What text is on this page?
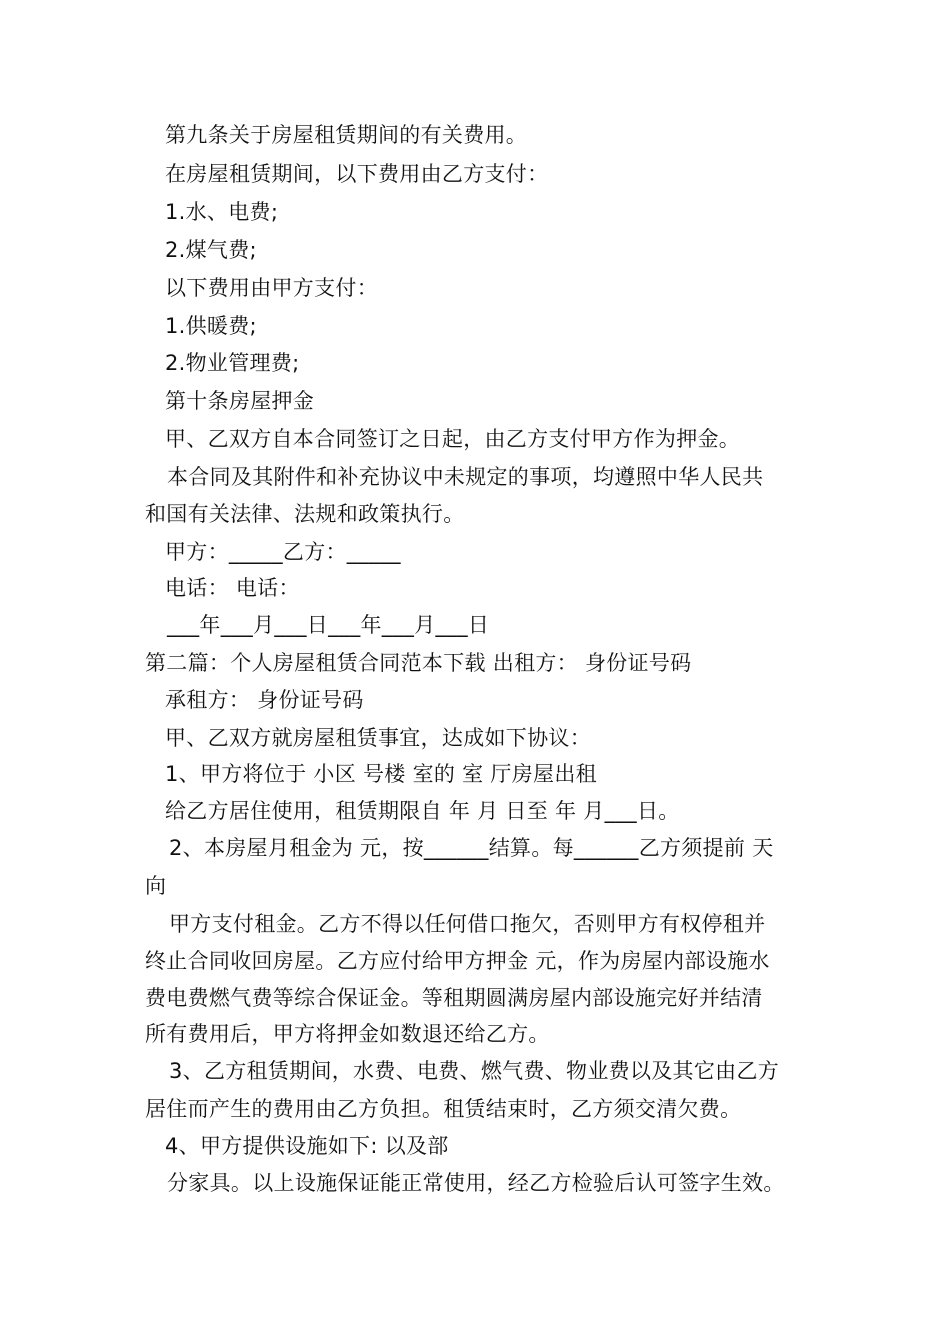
第九条关于房屋租赁期间的有关费用。
在房屋租赁期间，以下费用由乙方支付：
1.水、电费;
2.煤气费;
以下费用由甲方支付：
1.供暖费;
2.物业管理费;
第十条房屋押金
甲、乙双方自本合同签订之日起，由乙方支付甲方作为押金。
本合同及其附件和补充协议中未规定的事项，均遵照中华人民共
和国有关法律、法规和政策执行。
甲方：_____乙方：_____
电话： 电话：
___年___月___日___年___月___日
第二篇：个人房屋租赁合同范本下载 出租方： 身份证号码
承租方： 身份证号码
甲、乙双方就房屋租赁事宜，达成如下协议：
1、甲方将位于 小区 号楼 室的 室 厅房屋出租
给乙方居住使用，租赁期限自 年 月 日至 年 月___日。
2、本房屋月租金为 元，按______结算。每______乙方须提前 天
向
甲方支付租金。乙方不得以任何借口拖欠，否则甲方有权停租并
终止合同收回房屋。乙方应付给甲方押金 元，作为房屋内部设施水
费电费燃气费等综合保证金。等租期圆满房屋内部设施完好并结清
所有费用后，甲方将押金如数退还给乙方。
3、乙方租赁期间，水费、电费、燃气费、物业费以及其它由乙方
居住而产生的费用由乙方负担。租赁结束时，乙方须交清欠费。
4、甲方提供设施如下: 以及部
分家具。以上设施保证能正常使用，经乙方检验后认可签字生效。
